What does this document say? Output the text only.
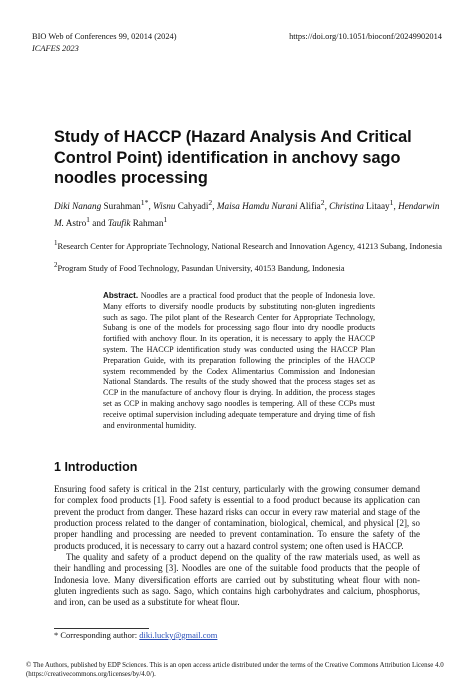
BIO Web of Conferences 99, 02014 (2024)	https://doi.org/10.1051/bioconf/20249902014
ICAFES 2023
Study of HACCP (Hazard Analysis And Critical Control Point) identification in anchovy sago noodles processing
Diki Nanang Surahman$^{1*}$, Wisnu Cahyadi$^2$, Maisa Hamdu Nurani Alifia$^2$, Christina Litaay$^1$, Hendarwin M. Astro$^1$ and Taufik Rahman$^1$
$^1$Research Center for Appropriate Technology, National Research and Innovation Agency, 41213 Subang, Indonesia
$^2$Program Study of Food Technology, Pasundan University, 40153 Bandung, Indonesia

Abstract. Noodles are a practical food product that the people of Indonesia love. Many efforts to diversify noodle products by substituting non-gluten ingredients such as sago. The pilot plant of the Research Center for Appropriate Technology, Subang is one of the models for processing sago flour into dry noodle products fortified with anchovy flour. In its operation, it is necessary to apply the HACCP system. The HACCP identification study was conducted using the HACCP Plan Preparation Guide, with its preparation following the principles of the HACCP system recommended by the Codex Alimentarius Commission and Indonesian National Standards. The results of the study showed that the process stages set as CCP in the manufacture of anchovy flour is drying. In addition, the process stages set as CCP in making anchovy sago noodles is tempering. All of these CCPs must receive optimal supervision including adequate temperature and drying time of fish and environmental humidity.

1 Introduction

Ensuring food safety is critical in the 21st century, particularly with the growing consumer demand for complex food products [1]. Food safety is essential to a food product because its application can prevent the product from danger. These hazard risks can occur in every raw material and stage of the production process related to the danger of contamination, biological, chemical, and physical [2], so proper handling and processing are needed to prevent contamination. To ensure the safety of the products produced, it is necessary to carry out a hazard control system; one often used is HACCP.

The quality and safety of a product depend on the quality of the raw materials used, as well as their handling and processing [3]. Noodles are one of the suitable food products that the people of Indonesia love. Many diversification efforts are carried out by substituting wheat flour with non-gluten ingredients such as sago. Sago, which contains high carbohydrates and calcium, phosphorus, and iron, can be used as a substitute for wheat flour.

* Corresponding author: diki.lucky@gmail.com
© The Authors, published by EDP Sciences. This is an open access article distributed under the terms of the Creative Commons Attribution License 4.0 (https://creativecommons.org/licenses/by/4.0/).
